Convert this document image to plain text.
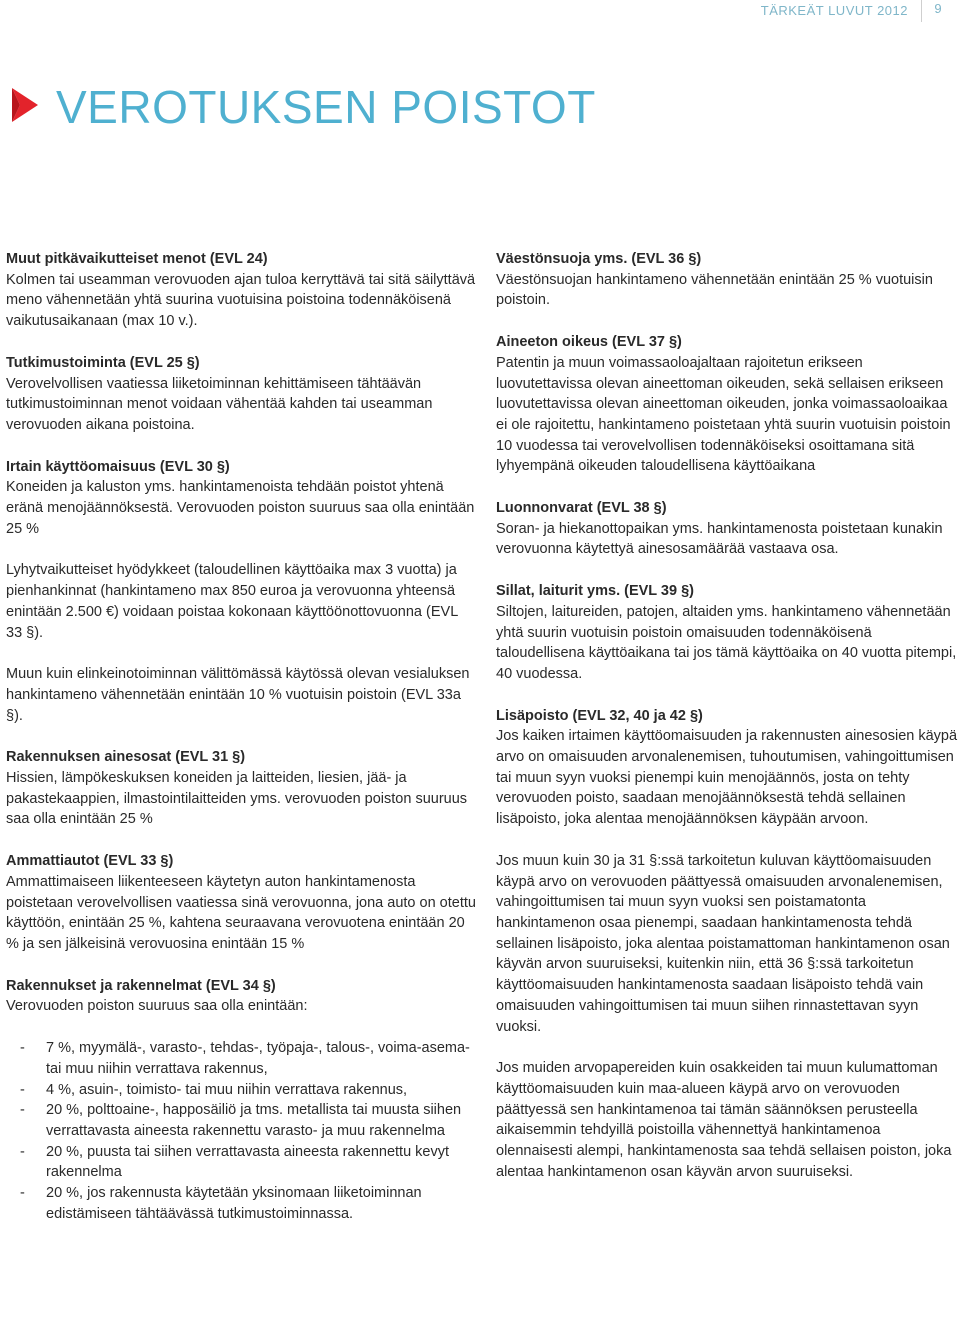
TÄRKEÄT LUVUT 2012	9
VEROTUKSEN POISTOT
Muut pitkävaikutteiset menot (EVL 24)

Kolmen tai useamman verovuoden ajan tuloa kerryttävä tai sitä säilyttävä meno vähennetään yhtä suurina vuotuisina poistoina todennäköisenä vaikutusaikanaan (max 10 v.).

Tutkimustoiminta (EVL 25 §)

Verovelvollisen vaatiessa liiketoiminnan kehittämiseen tähtäävän tutkimustoiminnan menot voidaan vähentää kahden tai useamman verovuoden aikana poistoina.

Irtain käyttöomaisuus (EVL 30 §)

Koneiden ja kaluston yms. hankintamenoista tehdään poistot yhtenä eränä menojäännöksestä. Verovuoden poiston suuruus saa olla enintään 25 %

Lyhytvaikutteiset hyödykkeet (taloudellinen käyttöaika max 3 vuotta) ja pienhankinnat (hankintameno max 850 euroa ja verovuonna yhteensä enintään 2.500 €) voidaan poistaa kokonaan käyttöönottovuonna (EVL 33 §).

Muun kuin elinkeinotoiminnan välittömässä käytössä olevan vesialuksen hankintameno vähennetään enintään 10 % vuotuisin poistoin (EVL 33a §).

Rakennuksen ainesosat (EVL 31 §)

Hissien, lämpökeskuksen koneiden ja laitteiden, liesien, jää- ja pakastekaappien, ilmastointilaitteiden yms. verovuoden poiston suuruus saa olla enintään 25 %

Ammattiautot (EVL 33 §)

Ammattimaiseen liikenteeseen käytetyn auton hankintamenosta poistetaan verovelvollisen vaatiessa sinä verovuonna, jona auto on otettu käyttöön, enintään 25 %, kahtena seuraavana verovuotena enintään 20 % ja sen jälkeisinä verovuosina enintään 15 %

Rakennukset ja rakennelmat (EVL 34 §)

Verovuoden poiston suuruus saa olla enintään:

- 7 %, myymälä-, varasto-, tehdas-, työpaja-, talous-, voima-asema- tai muu niihin verrattava rakennus,
- 4 %, asuin-, toimisto- tai muu niihin verrattava rakennus,
- 20 %, polttoaine-, happosäiliö ja tms. metallista tai muusta siihen verrattavasta aineesta rakennettu varasto- ja muu rakennelma
- 20 %, puusta tai siihen verrattavasta aineesta rakennettu kevyt rakennelma
- 20 %, jos rakennusta käytetään yksinomaan liiketoiminnan edistämiseen tähtäävässä tutkimustoiminnassa.
Väestönsuoja yms. (EVL 36 §)

Väestönsuojan hankintameno vähennetään enintään 25 % vuotuisin poistoin.

Aineeton oikeus (EVL 37 §)

Patentin ja muun voimassaoloajaltaan rajoitetun erikseen luovutettavissa olevan aineettoman oikeuden, sekä sellaisen erikseen luovutettavissa olevan aineettoman oikeuden, jonka voimassaoloaikaa ei ole rajoitettu, hankintameno poistetaan yhtä suurin vuotuisin poistoin 10 vuodessa tai verovelvollisen todennäköiseksi osoittamana sitä lyhyempänä oikeuden taloudellisena käyttöaikana

Luonnonvarat (EVL 38 §)

Soran- ja hiekanottopaikan yms. hankintamenosta poistetaan kunakin verovuonna käytettyä ainesosamäärää vastaava osa.

Sillat, laiturit yms. (EVL 39 §)

Siltojen, laitureiden, patojen, altaiden yms. hankintameno vähennetään yhtä suurin vuotuisin poistoin omaisuuden todennäköisenä taloudellisena käyttöaikana tai jos tämä käyttöaika on 40 vuotta pitempi, 40 vuodessa.

Lisäpoisto (EVL 32, 40 ja 42 §)

Jos kaiken irtaimen käyttöomaisuuden ja rakennusten ainesosien käypä arvo on omaisuuden arvonalenemisen, tuhoutumisen, vahingoittumisen tai muun syyn vuoksi pienempi kuin menojäännös, josta on tehty verovuoden poisto, saadaan menojäännöksestä tehdä sellainen lisäpoisto, joka alentaa menojäännöksen käypään arvoon.

Jos muun kuin 30 ja 31 §:ssä tarkoitetun kuluvan käyttöomaisuuden käypä arvo on verovuoden päättyessä omaisuuden arvonalenemisen, vahingoittumisen tai muun syyn vuoksi sen poistamatonta hankintamenon osaa pienempi, saadaan hankintamenosta tehdä sellainen lisäpoisto, joka alentaa poistamattoman hankintamenon osan käyvän arvon suuruiseksi, kuitenkin niin, että 36 §:ssä tarkoitetun käyttöomaisuuden hankintamenosta saadaan lisäpoisto tehdä vain omaisuuden vahingoittumisen tai muun siihen rinnastettavan syyn vuoksi.

Jos muiden arvopapereiden kuin osakkeiden tai muun kulumattoman käyttöomaisuuden kuin maa-alueen käypä arvo on verovuoden päättyessä sen hankintamenoa tai tämän säännöksen perusteella aikaisemmin tehdyillä poistoilla vähennettyä hankintamenoa olennaisesti alempi, hankintamenosta saa tehdä sellaisen poiston, joka alentaa hankintamenon osan käyvän arvon suuruiseksi.
